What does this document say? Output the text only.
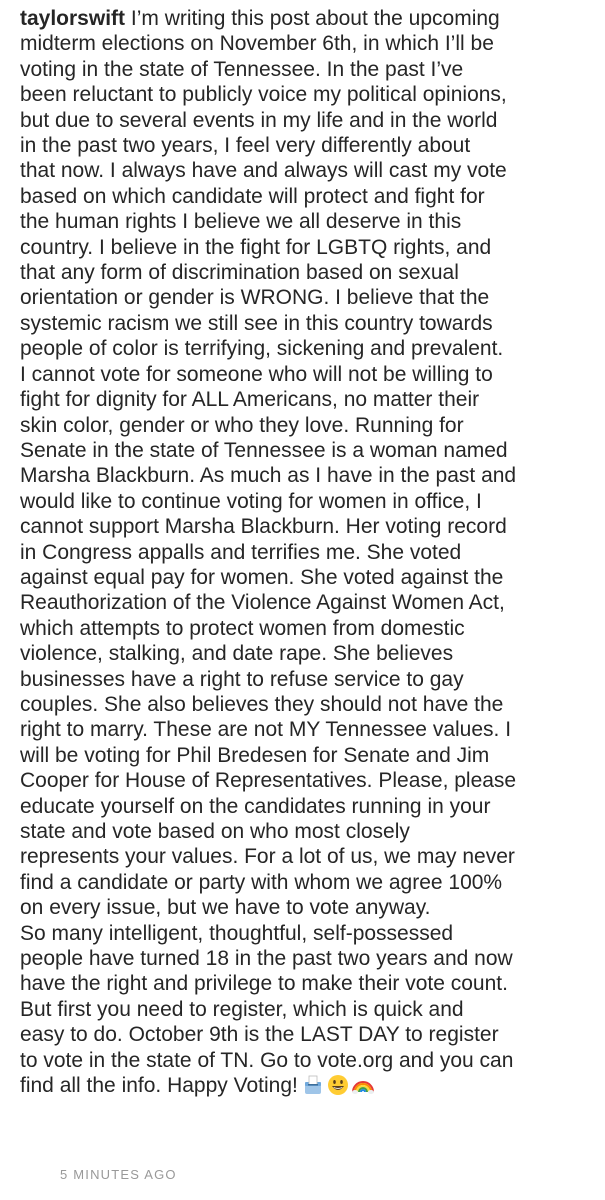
taylorswift I’m writing this post about the upcoming
midterm elections on November 6th, in which I’ll be
voting in the state of Tennessee. In the past I’ve
been reluctant to publicly voice my political opinions,
but due to several events in my life and in the world
in the past two years, I feel very differently about
that now. I always have and always will cast my vote
based on which candidate will protect and fight for
the human rights I believe we all deserve in this
country. I believe in the fight for LGBTQ rights, and
that any form of discrimination based on sexual
orientation or gender is WRONG. I believe that the
systemic racism we still see in this country towards
people of color is terrifying, sickening and prevalent.
I cannot vote for someone who will not be willing to
fight for dignity for ALL Americans, no matter their
skin color, gender or who they love. Running for
Senate in the state of Tennessee is a woman named
Marsha Blackburn. As much as I have in the past and
would like to continue voting for women in office, I
cannot support Marsha Blackburn. Her voting record
in Congress appalls and terrifies me. She voted
against equal pay for women. She voted against the
Reauthorization of the Violence Against Women Act,
which attempts to protect women from domestic
violence, stalking, and date rape. She believes
businesses have a right to refuse service to gay
couples. She also believes they should not have the
right to marry. These are not MY Tennessee values. I
will be voting for Phil Bredesen for Senate and Jim
Cooper for House of Representatives. Please, please
educate yourself on the candidates running in your
state and vote based on who most closely
represents your values. For a lot of us, we may never
find a candidate or party with whom we agree 100%
on every issue, but we have to vote anyway.
So many intelligent, thoughtful, self-possessed
people have turned 18 in the past two years and now
have the right and privilege to make their vote count.
But first you need to register, which is quick and
easy to do. October 9th is the LAST DAY to register
to vote in the state of TN. Go to vote.org and you can
find all the info. Happy Voting!
5 MINUTES AGO
